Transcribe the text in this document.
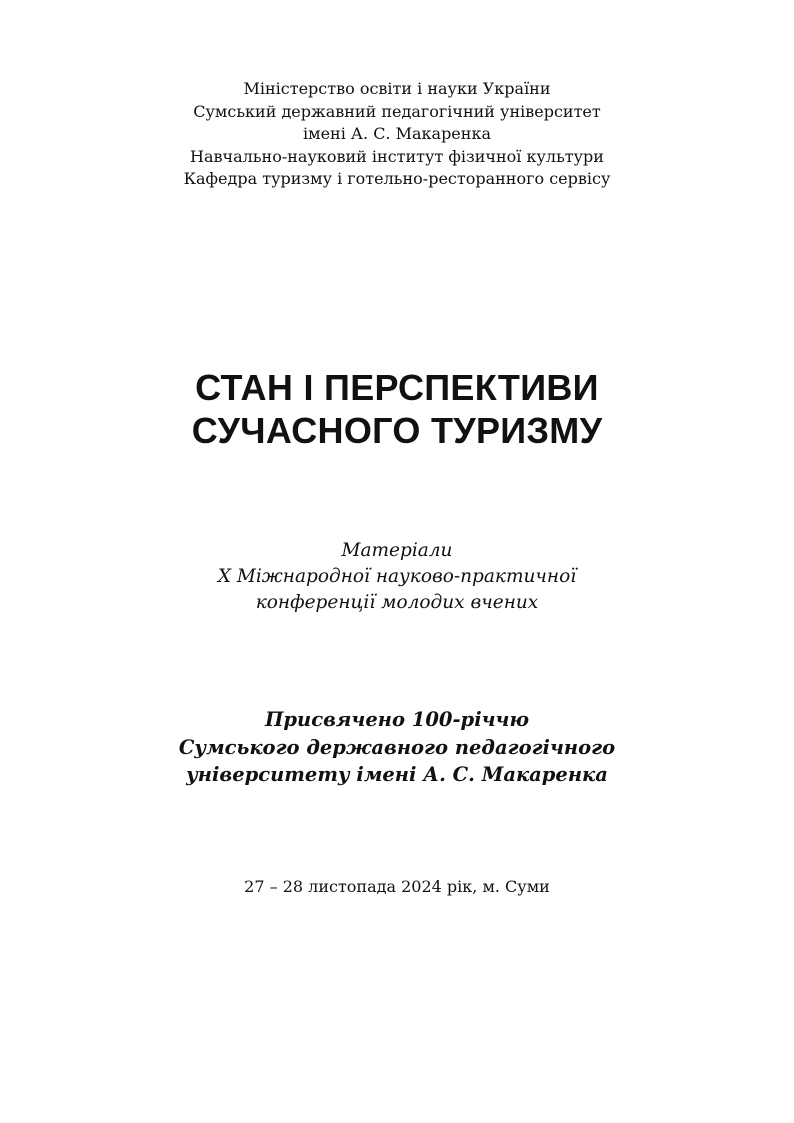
Міністерство освіти і науки України
Сумський державний педагогічний університет
імені А. С. Макаренка
Навчально-науковий інститут фізичної культури
Кафедра туризму і готельно-ресторанного сервісу
СТАН І ПЕРСПЕКТИВИ
СУЧАСНОГО ТУРИЗМУ
Матеріали
X Міжнародної науково-практичної
конференції молодих вчених
Присвячено 100-річчю
Сумського державного педагогічного
університету імені А. С. Макаренка
27 – 28 листопада 2024 рік, м. Суми
